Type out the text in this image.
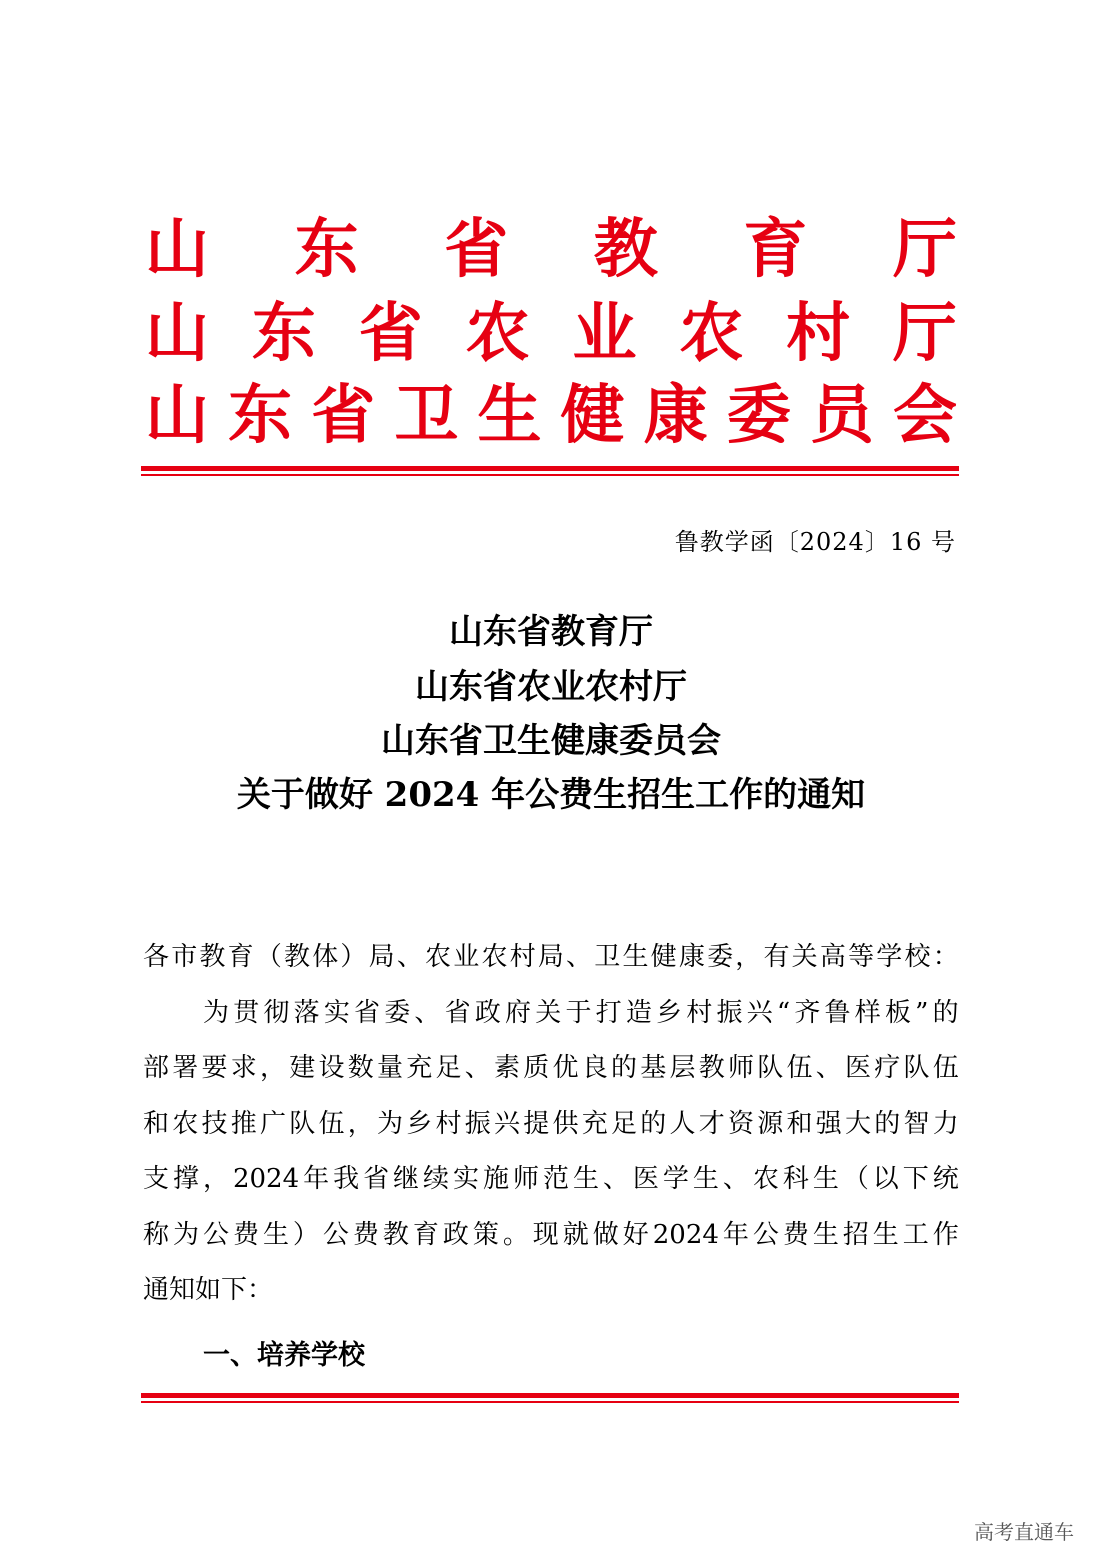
山 东 省 教 育 厅
山 东 省 农 业 农 村 厅
山 东 省 卫 生 健 康 委 员 会
鲁教学函〔2024〕16 号
山东省教育厅
山东省农业农村厅
山东省卫生健康委员会
关于做好 2024 年公费生招生工作的通知
各 市 教 育 （ 教 体 ） 局 、 农 业 农 村 局 、 卫 生 健 康 委 ， 有 关 高 等 学 校 ：
为 贯 彻 落 实 省 委 、 省 政 府 关 于 打 造 乡 村 振 兴 “ 齐 鲁 样 板 ” 的
部 署 要 求 ， 建 设 数 量 充 足 、 素 质 优 良 的 基 层 教 师 队 伍 、 医 疗 队 伍
和 农 技 推 广 队 伍 ， 为 乡 村 振 兴 提 供 充 足 的 人 才 资 源 和 强 大 的 智 力
支 撑 ， 2024 年 我 省 继 续 实 施 师 范 生 、 医 学 生 、 农 科 生 （ 以 下 统
称 为 公 费 生 ） 公 费 教 育 政 策 。 现 就 做 好 2024 年 公 费 生 招 生 工 作
通知如下：
一、培养学校
高考直通车
